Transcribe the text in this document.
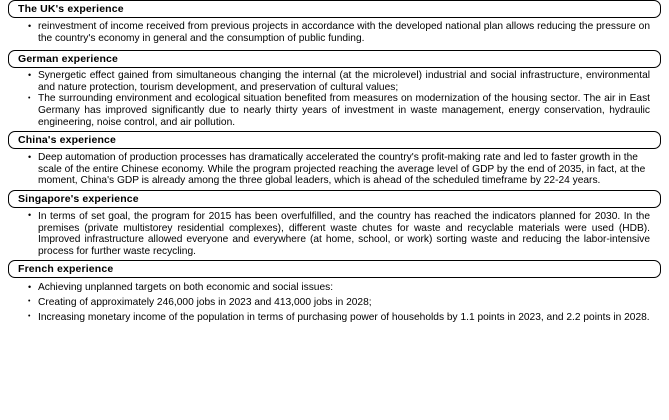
The UK's experience
• reinvestment of income received from previous projects in accordance with the developed national plan allows reducing the pressure on the country's economy in general and the consumption of public funding.
German experience
• Synergetic effect gained from simultaneous changing the internal (at the microlevel) industrial and social infrastructure, environmental and nature protection, tourism development, and preservation of cultural values;
• The surrounding environment and ecological situation benefited from measures on modernization of the housing sector. The air in East Germany has improved significantly due to nearly thirty years of investment in waste management, energy conservation, hydraulic engineering, noise control, and air pollution.
China's experience
• Deep automation of production processes has dramatically accelerated the country's profit-making rate and led to faster growth in the scale of the entire Chinese economy. While the program projected reaching the average level of GDP by the end of 2035, in fact, at the moment, China's GDP is already among the three global leaders, which is ahead of the scheduled timeframe by 22-24 years.
Singapore's experience
• In terms of set goal, the program for 2015 has been overfulfilled, and the country has reached the indicators planned for 2030. In the premises (private multistorey residential complexes), different waste chutes for waste and recyclable materials were used (HDB). Improved infrastructure allowed everyone and everywhere (at home, school, or work) sorting waste and reducing the labor-intensive process for further waste recycling.
French experience
• Achieving unplanned targets on both economic and social issues:
• Creating of approximately 246,000 jobs in 2023 and 413,000 jobs in 2028;
• Increasing monetary income of the population in terms of purchasing power of households by 1.1 points in 2023, and 2.2 points in 2028.
